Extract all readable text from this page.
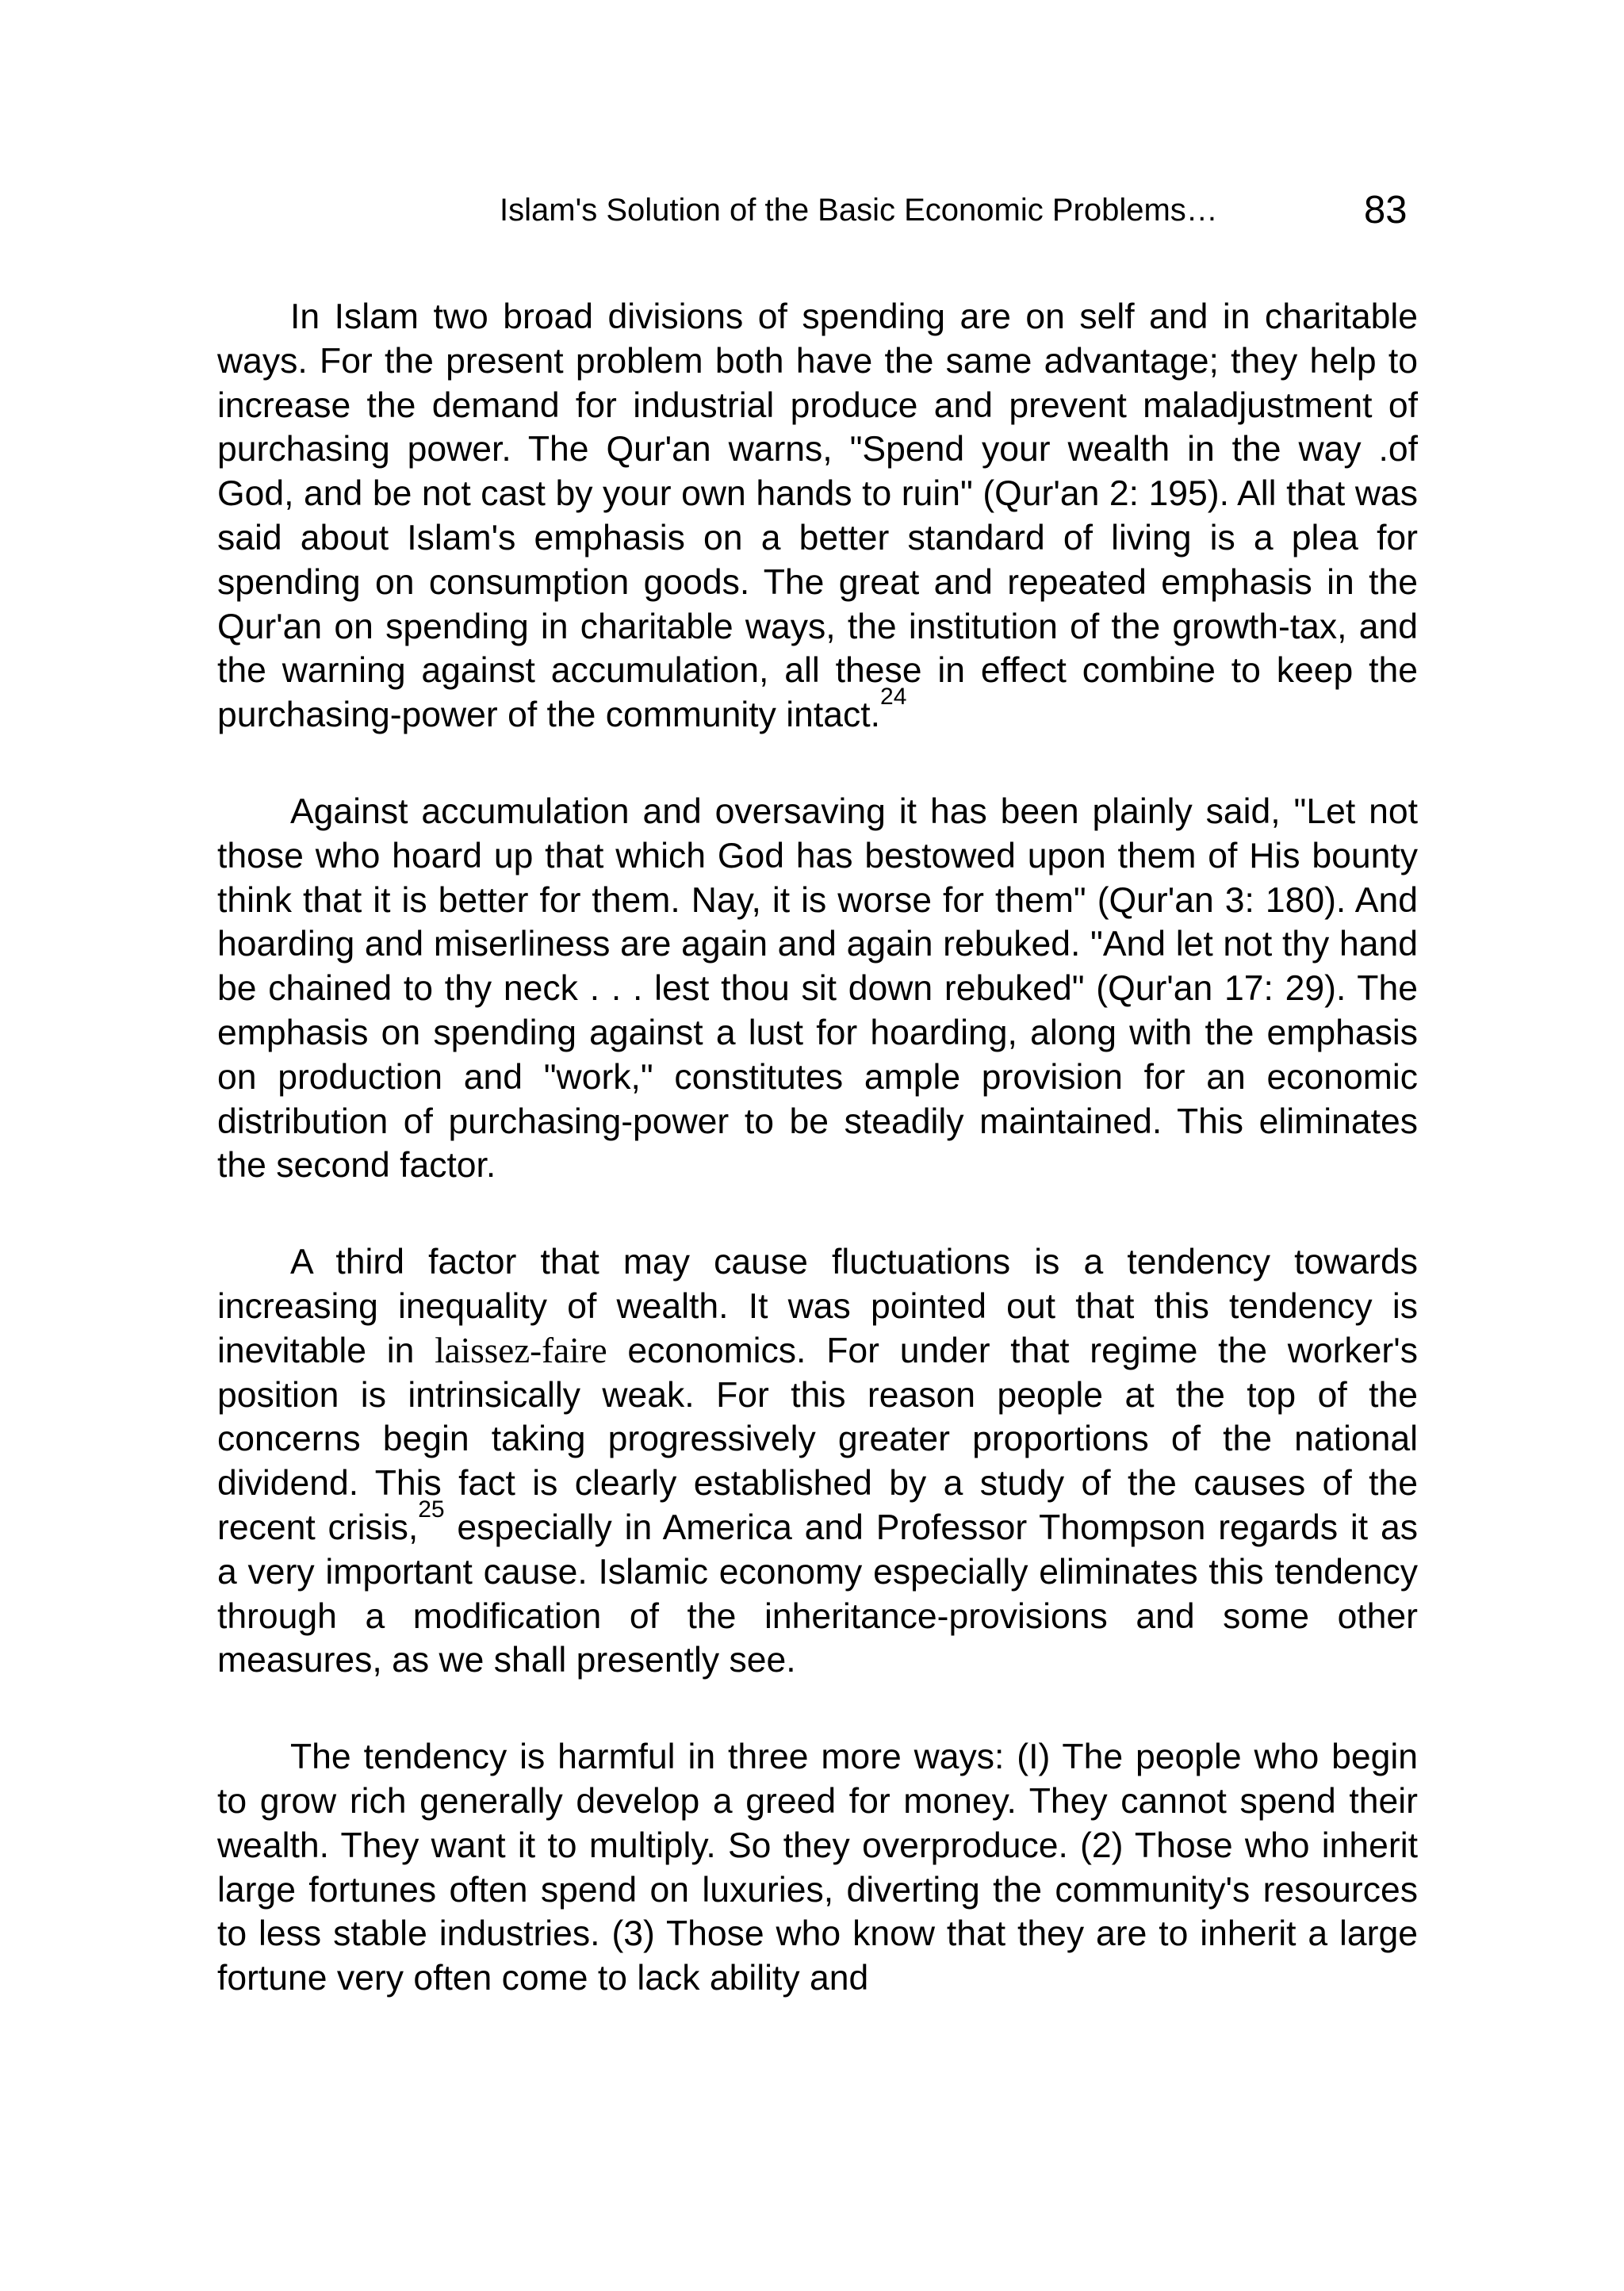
Islam's Solution of the Basic Economic Problems…	83

In Islam two broad divisions of spending are on self and in charitable ways. For the present problem both have the same advantage; they help to increase the demand for industrial produce and prevent maladjustment of purchasing power. The Qur'an warns, "Spend your wealth in the way .of God, and be not cast by your own hands to ruin" (Qur'an 2: 195). All that was said about Islam's emphasis on a better standard of living is a plea for spending on consumption goods. The great and repeated emphasis in the Qur'an on spending in charitable ways, the institution of the growth-tax, and the warning against accumulation, all these in effect combine to keep the purchasing-power of the community intact.$^{24}$

Against accumulation and oversaving it has been plainly said, "Let not those who hoard up that which God has bestowed upon them of His bounty think that it is better for them. Nay, it is worse for them" (Qur'an 3: 180). And hoarding and miserliness are again and again rebuked. "And let not thy hand be chained to thy neck . . . lest thou sit down rebuked" (Qur'an 17: 29). The emphasis on spending against a lust for hoarding, along with the emphasis on production and "work," constitutes ample provision for an economic distribution of purchasing-power to be steadily maintained. This eliminates the second factor.

A third factor that may cause fluctuations is a tendency towards increasing inequality of wealth. It was pointed out that this tendency is inevitable in laissez-faire economics. For under that regime the worker's position is intrinsically weak. For this reason people at the top of the concerns begin taking progressively greater proportions of the national dividend. This fact is clearly established by a study of the causes of the recent crisis,$^{25}$ especially in America and Professor Thompson regards it as a very important cause. Islamic economy especially eliminates this tendency through a modification of the inheritance-provisions and some other measures, as we shall presently see.

The tendency is harmful in three more ways: (I) The people who begin to grow rich generally develop a greed for money. They cannot spend their wealth. They want it to multiply. So they overproduce. (2) Those who inherit large fortunes often spend on luxuries, diverting the community's resources to less stable industries. (3) Those who know that they are to inherit a large fortune very often come to lack ability and
